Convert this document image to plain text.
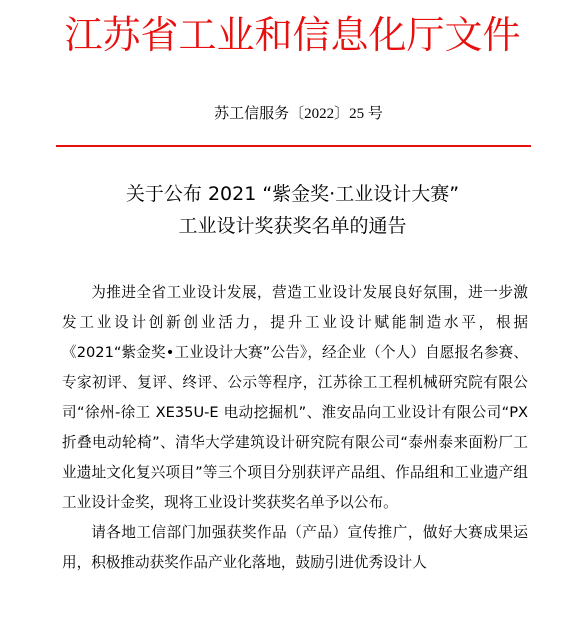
江苏省工业和信息化厅文件
苏工信服务〔2022〕25 号
关于公布 2021 “紫金奖·工业设计大赛”
工业设计奖获奖名单的通告

为推进全省工业设计发展，营造工业设计发展良好氛围，进一步激发工业设计创新创业活力，提升工业设计赋能制造水平，根据《2021“紫金奖•工业设计大赛”公告》，经企业（个人）自愿报名参赛、专家初评、复评、终评、公示等程序，江苏徐工工程机械研究院有限公司“徐州-徐工 XE35U-E 电动挖掘机”、淮安品向工业设计有限公司“PX 折叠电动轮椅”、清华大学建筑设计研究院有限公司“泰州泰来面粉厂工业遗址文化复兴项目”等三个项目分别获评产品组、作品组和工业遗产组工业设计金奖，现将工业设计奖获奖名单予以公布。

请各地工信部门加强获奖作品（产品）宣传推广，做好大赛成果运用，积极推动获奖作品产业化落地，鼓励引进优秀设计人
